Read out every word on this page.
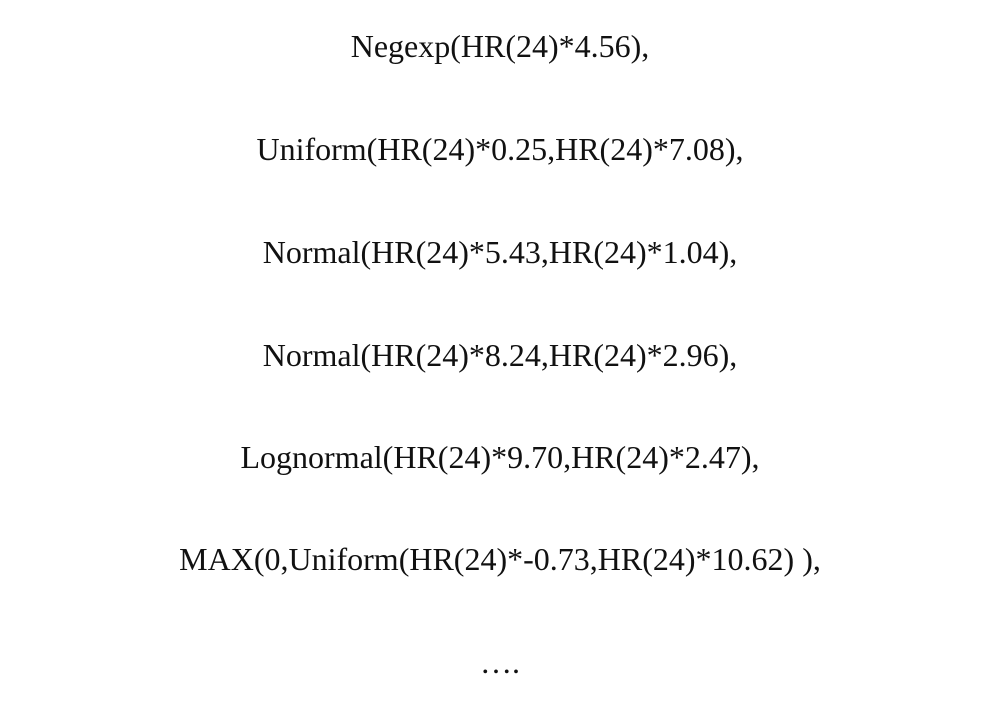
Negexp(HR(24)*4.56),
Uniform(HR(24)*0.25,HR(24)*7.08),
Normal(HR(24)*5.43,HR(24)*1.04),
Normal(HR(24)*8.24,HR(24)*2.96),
Lognormal(HR(24)*9.70,HR(24)*2.47),
MAX(0,Uniform(HR(24)*-0.73,HR(24)*10.62) ),
….
